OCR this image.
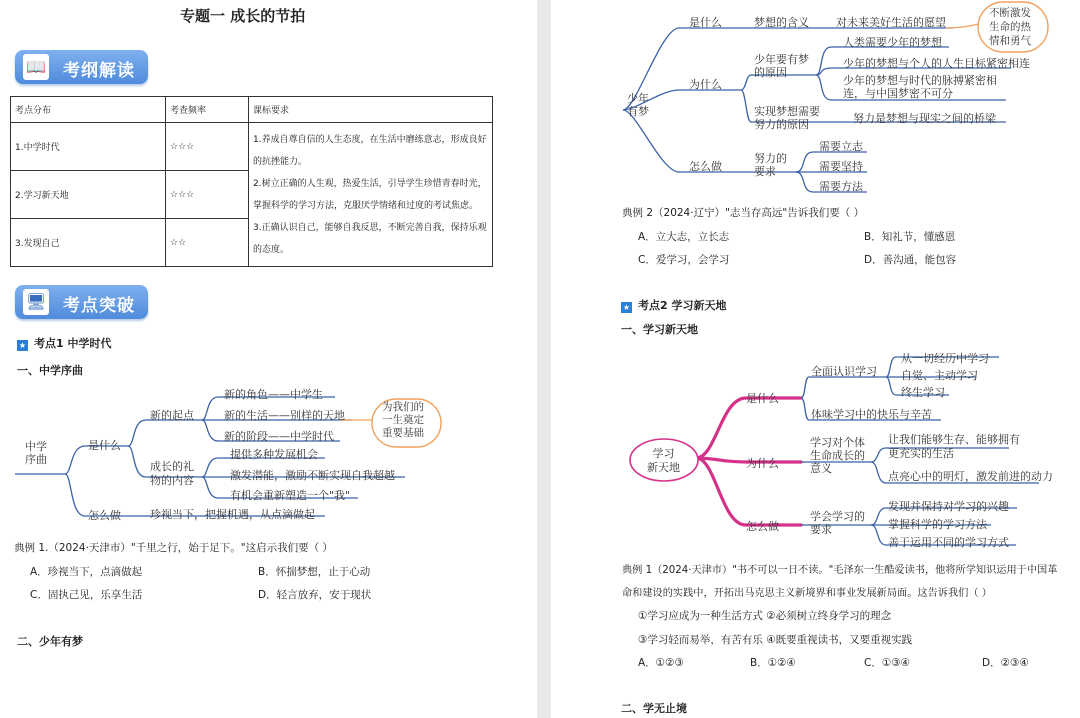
专题一 成长的节拍
📖 考纲解读
考点分布	考查频率	课标要求
1.中学时代	☆☆☆	1.养成自尊自信的人生态度，在生活中磨练意志，形成良好的抗挫能力。
2.树立正确的人生观，热爱生活，引导学生珍惜青春时光，掌握科学的学习方法，克服厌学情绪和过度的考试焦虑。
3.正确认识自己，能够自我反思，不断完善自我，保持乐观的态度。

2.学习新天地	☆☆☆	
3.发现自己	☆☆	
🖥 考点突破
★ 考点1 中学时代
一、中学序曲
中学
序曲
是什么
新的起点
新的角色——中学生
新的生活——别样的天地
新的阶段——中学时代
成长的礼
物的内容
提供多种发展机会
激发潜能，激励不断实现自我超越
有机会重新塑造一个"我"
为我们的
一生奠定
重要基础
怎么做	珍视当下，把握机遇，从点滴做起
典例 1.（2024·天津市）"千里之行，始于足下。"这启示我们要（ ）
A．珍视当下，点滴做起	B．怀揣梦想，止于心动
C．固执己见，乐享生活	D．轻言放弃，安于现状
二、少年有梦
少年
有梦
是什么	梦想的含义 对未来美好生活的愿望
不断激发
生命的热
情和勇气
为什么
少年要有梦
的原因
人类需要少年的梦想
少年的梦想与个人的人生目标紧密相连
少年的梦想与时代的脉搏紧密相
连，与中国梦密不可分
实现梦想需要
努力的原因	努力是梦想与现实之间的桥梁
怎么做
努力的
要求
需要立志
需要坚持
需要方法
典例 2（2024·辽宁）"志当存高远"告诉我们要（ ）
A．立大志，立长志	B．知礼节，懂感恩
C．爱学习，会学习	D．善沟通，能包容
★ 考点2 学习新天地
一、学习新天地
学习
新天地
是什么
全面认识学习
从一切经历中学习
自觉、主动学习
终生学习
体味学习中的快乐与辛苦
为什么
学习对个体
生命成长的
意义
让我们能够生存、能够拥有
更充实的生活
点亮心中的明灯，激发前进的动力
怎么做
学会学习的
要求
发现并保持对学习的兴趣
掌握科学的学习方法
善于运用不同的学习方式
典例 1（2024·天津市）"书不可以一日不读。"毛泽东一生酷爱读书，他将所学知识运用于中国革
命和建设的实践中，开拓出马克思主义新境界和事业发展新局面。这告诉我们（ ）
①学习应成为一种生活方式 ②必须树立终身学习的理念
③学习轻而易举，有苦有乐 ④既要重视读书，又要重视实践
A．①②③	B．①②④	C．①③④	D．②③④
二、学无止境
